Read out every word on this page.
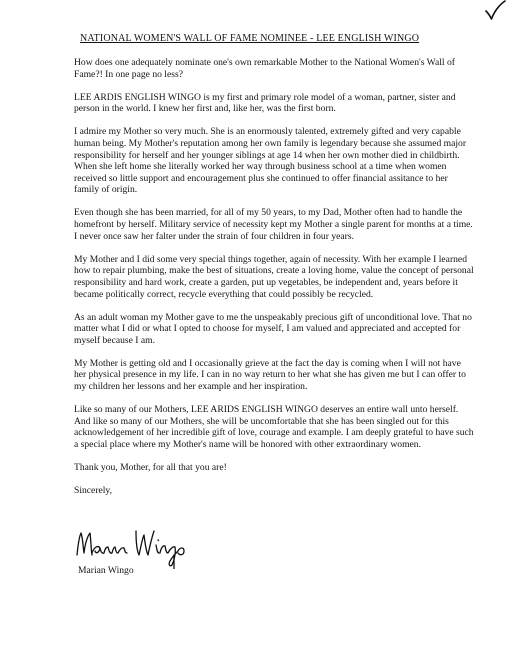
NATIONAL WOMEN'S WALL OF FAME NOMINEE - LEE ENGLISH WINGO

How does one adequately nominate one's own remarkable Mother to the National Women's Wall of Fame?! In one page no less?

LEE ARDIS ENGLISH WINGO is my first and primary role model of a woman, partner, sister and person in the world. I knew her first and, like her, was the first born.

I admire my Mother so very much. She is an enormously talented, extremely gifted and very capable human being. My Mother's reputation among her own family is legendary because she assumed major responsibility for herself and her younger siblings at age 14 when her own mother died in childbirth. When she left home she literally worked her way through business school at a time when women received so little support and encouragement plus she continued to offer financial assitance to her family of origin.

Even though she has been married, for all of my 50 years, to my Dad, Mother often had to handle the homefront by herself. Military service of necessity kept my Mother a single parent for months at a time. I never once saw her falter under the strain of four children in four years.

My Mother and I did some very special things together, again of necessity. With her example I learned how to repair plumbing, make the best of situations, create a loving home, value the concept of personal responsibility and hard work, create a garden, put up vegetables, be independent and, years before it became politically correct, recycle everything that could possibly be recycled.

As an adult woman my Mother gave to me the unspeakably precious gift of unconditional love. That no matter what I did or what I opted to choose for myself, I am valued and appreciated and accepted for myself because I am.

My Mother is getting old and I occasionally grieve at the fact the day is coming when I will not have her physical presence in my life. I can in no way return to her what she has given me but I can offer to my children her lessons and her example and her inspiration.

Like so many of our Mothers, LEE ARIDS ENGLISH WINGO deserves an entire wall unto herself. And like so many of our Mothers, she will be uncomfortable that she has been singled out for this acknowledgement of her incredible gift of love, courage and example. I am deeply grateful to have such a special place where my Mother's name will be honored with other extraordinary women.

Thank you, Mother, for all that you are!

Sincerely,

Marian Wingo
